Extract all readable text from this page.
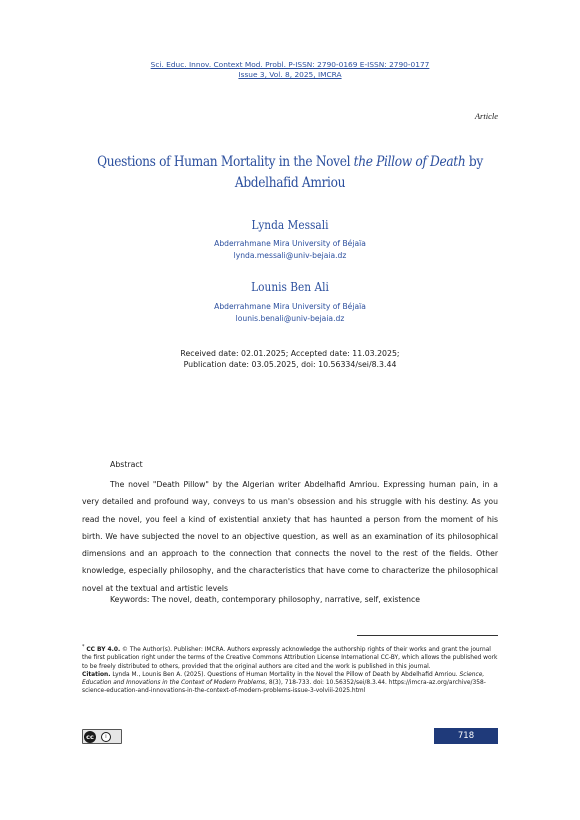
Sci. Educ. Innov. Context Mod. Probl. P-ISSN: 2790-0169 E-ISSN: 2790-0177
Issue 3, Vol. 8, 2025, IMCRA
Article
Questions of Human Mortality in the Novel the Pillow of Death by
Abdelhafid Amriou
Lynda Messali
Abderrahmane Mira University of Béjaïa
lynda.messali@univ-bejaia.dz
Lounis Ben Ali
Abderrahmane Mira University of Béjaïa
lounis.benali@univ-bejaia.dz
Received date: 02.01.2025; Accepted date: 11.03.2025;
Publication date: 03.05.2025, doi: 10.56334/sei/8.3.44
Abstract

The novel "Death Pillow" by the Algerian writer Abdelhafid Amriou. Expressing human pain, in a very detailed and profound way, conveys to us man's obsession and his struggle with his destiny. As you read the novel, you feel a kind of existential anxiety that has haunted a person from the moment of his birth. We have subjected the novel to an objective question, as well as an examination of its philosophical dimensions and an approach to the connection that connects the novel to the rest of the fields. Other knowledge, especially philosophy, and the characteristics that have come to characterize the philosophical novel at the textual and artistic levels

Keywords: The novel, death, contemporary philosophy, narrative, self, existence
* CC BY 4.0. © The Author(s). Publisher: IMCRA. Authors expressly acknowledge the authorship rights of their works and grant the journal the first publication right under the terms of the Creative Commons Attribution License International CC-BY, which allows the published work to be freely distributed to others, provided that the original authors are cited and the work is published in this journal.
Citation. Lynda M., Lounis Ben A. (2025). Questions of Human Mortality in the Novel the Pillow of Death by Abdelhafid Amriou. Science, Education and Innovations in the Context of Modern Problems, 8(3), 718-733. doi: 10.56352/sei/8.3.44. https://imcra-az.org/archive/358-science-education-and-innovations-in-the-context-of-modern-problems-issue-3-volviii-2025.html
cc	i	718
